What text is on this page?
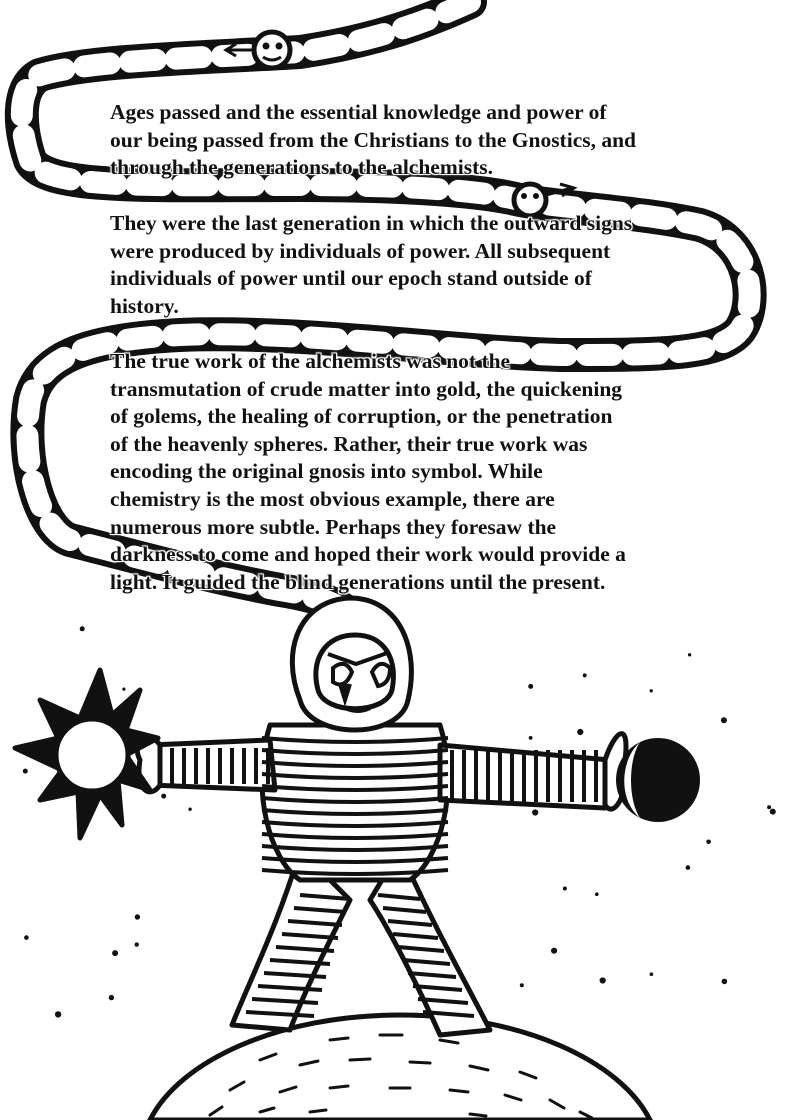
Ages passed and the essential knowledge and power of
our being passed from the Christians to the Gnostics, and
through the generations to the alchemists.
They were the last generation in which the outward signs
were produced by individuals of power. All subsequent
individuals of power until our epoch stand outside of
history.
The true work of the alchemists was not the
transmutation of crude matter into gold, the quickening
of golems, the healing of corruption, or the penetration
of the heavenly spheres. Rather, their true work was
encoding the original gnosis into symbol. While
chemistry is the most obvious example, there are
numerous more subtle. Perhaps they foresaw the
darkness to come and hoped their work would provide a
light. It guided the blind generations until the present.
